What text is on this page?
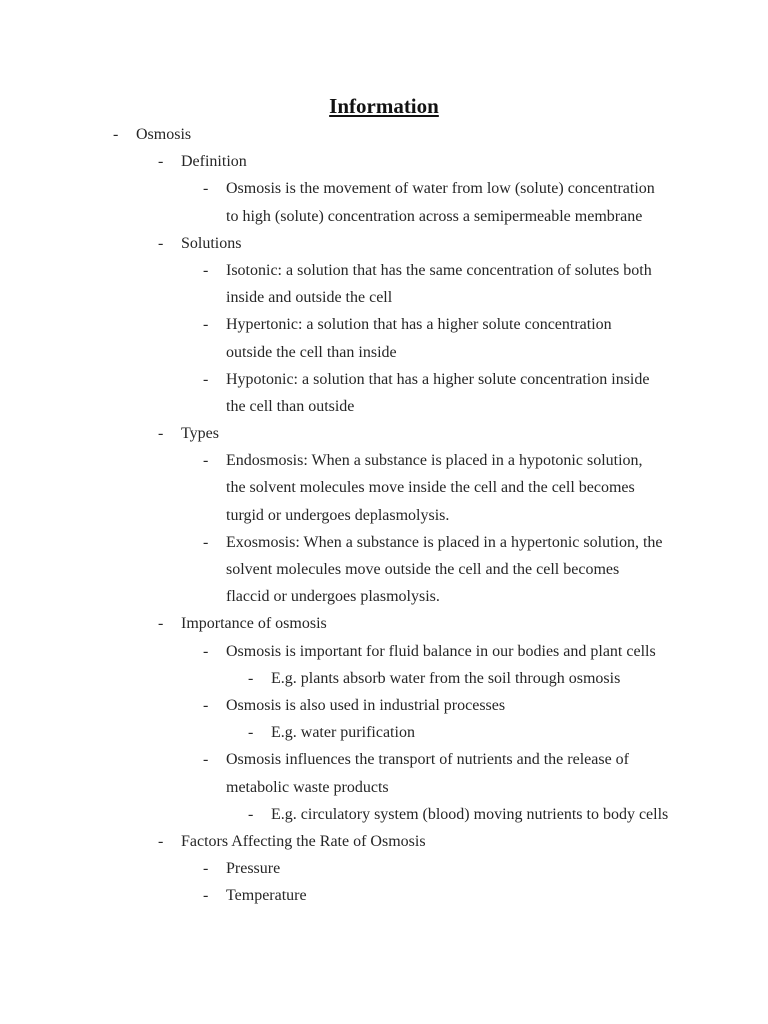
Information
- Osmosis
- Definition
- Osmosis is the movement of water from low (solute) concentration
to high (solute) concentration across a semipermeable membrane
- Solutions
- Isotonic: a solution that has the same concentration of solutes both
inside and outside the cell
- Hypertonic: a solution that has a higher solute concentration
outside the cell than inside
- Hypotonic: a solution that has a higher solute concentration inside
the cell than outside
- Types
- Endosmosis: When a substance is placed in a hypotonic solution,
the solvent molecules move inside the cell and the cell becomes
turgid or undergoes deplasmolysis.
- Exosmosis: When a substance is placed in a hypertonic solution, the
solvent molecules move outside the cell and the cell becomes
flaccid or undergoes plasmolysis.
- Importance of osmosis
- Osmosis is important for fluid balance in our bodies and plant cells
- E.g. plants absorb water from the soil through osmosis
- Osmosis is also used in industrial processes
- E.g. water purification
- Osmosis influences the transport of nutrients and the release of
metabolic waste products
- E.g. circulatory system (blood) moving nutrients to body cells
- Factors Affecting the Rate of Osmosis
- Pressure
- Temperature
